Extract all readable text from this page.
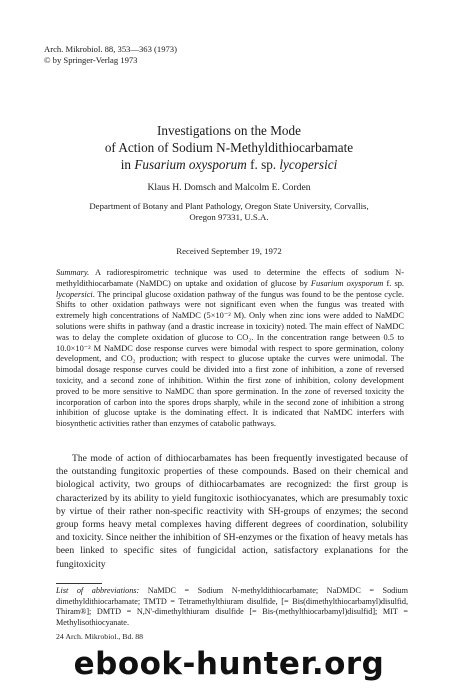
Arch. Mikrobiol. 88, 353—363 (1973)
© by Springer-Verlag 1973
Investigations on the Mode
of Action of Sodium N-Methyldithiocarbamate
in Fusarium oxysporum f. sp. lycopersici
Klaus H. Domsch and Malcolm E. Corden
Department of Botany and Plant Pathology, Oregon State University, Corvallis,
Oregon 97331, U.S.A.
Received September 19, 1972

Summary. A radiorespirometric technique was used to determine the effects of sodium N-methyldithiocarbamate (NaMDC) on uptake and oxidation of glucose by Fusarium oxysporum f. sp. lycopersici. The principal glucose oxidation pathway of the fungus was found to be the pentose cycle. Shifts to other oxidation pathways were not significant even when the fungus was treated with extremely high concentrations of NaMDC (5×10⁻² M). Only when zinc ions were added to NaMDC solutions were shifts in pathway (and a drastic increase in toxicity) noted. The main effect of NaMDC was to delay the complete oxidation of glucose to CO₂. In the concentration range between 0.5 to 10.0×10⁻² M NaMDC dose response curves were bimodal with respect to spore germination, colony development, and CO₂ production; with respect to glucose uptake the curves were unimodal. The bimodal dosage response curves could be divided into a first zone of inhibition, a zone of reversed toxicity, and a second zone of inhibition. Within the first zone of inhibition, colony development proved to be more sensitive to NaMDC than spore germination. In the zone of reversed toxicity the incorporation of carbon into the spores drops sharply, while in the second zone of inhibition a strong inhibition of glucose uptake is the dominating effect. It is indicated that NaMDC interfers with biosynthetic activities rather than enzymes of catabolic pathways.

The mode of action of dithiocarbamates has been frequently investigated because of the outstanding fungitoxic properties of these compounds. Based on their chemical and biological activity, two groups of dithiocarbamates are recognized: the first group is characterized by its ability to yield fungitoxic isothiocyanates, which are presumably toxic by virtue of their rather non-specific reactivity with SH-groups of enzymes; the second group forms heavy metal complexes having different degrees of coordination, solubility and toxicity. Since neither the inhibition of SH-enzymes or the fixation of heavy metals has been linked to specific sites of fungicidal action, satisfactory explanations for the fungitoxicity

List of abbreviations: NaMDC = Sodium N-methyldithiocarbamate; NaDMDC = Sodium dimethyldithiocarbamate; TMTD = Tetramethylthiuram disulfide, [= Bis(dimethylthiocarbamyl)disulfid, Thiram®]; DMTD = N,N'-dimethylthiuram disulfide [= Bis-(methylthiocarbamyl)disulfid]; MIT = Methylisothiocyanate.

24 Arch. Mikrobiol., Bd. 88
ebook-hunter.org
